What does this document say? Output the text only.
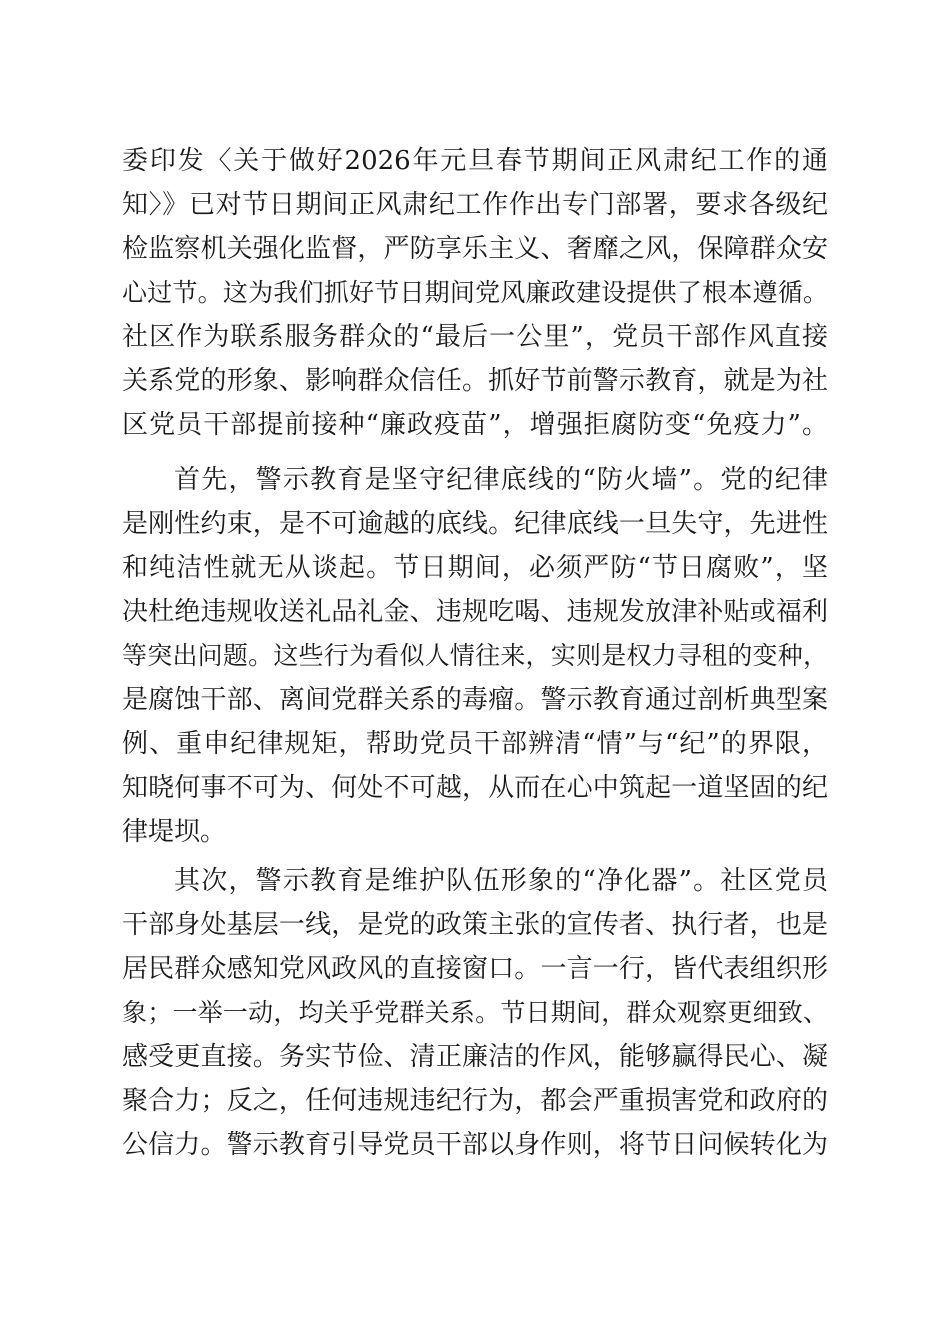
委印发〈关于做好2026年元旦春节期间正风肃纪工作的通
知〉》已对节日期间正风肃纪工作作出专门部署，要求各级纪
检监察机关强化监督，严防享乐主义、奢靡之风，保障群众安
心过节。这为我们抓好节日期间党风廉政建设提供了根本遵循。
社区作为联系服务群众的“最后一公里”，党员干部作风直接
关系党的形象、影响群众信任。抓好节前警示教育，就是为社
区党员干部提前接种“廉政疫苗”，增强拒腐防变“免疫力”。
首先，警示教育是坚守纪律底线的“防火墙”。党的纪律
是刚性约束，是不可逾越的底线。纪律底线一旦失守，先进性
和纯洁性就无从谈起。节日期间，必须严防“节日腐败”，坚
决杜绝违规收送礼品礼金、违规吃喝、违规发放津补贴或福利
等突出问题。这些行为看似人情往来，实则是权力寻租的变种，
是腐蚀干部、离间党群关系的毒瘤。警示教育通过剖析典型案
例、重申纪律规矩，帮助党员干部辨清“情”与“纪”的界限，
知晓何事不可为、何处不可越，从而在心中筑起一道坚固的纪
律堤坝。
其次，警示教育是维护队伍形象的“净化器”。社区党员
干部身处基层一线，是党的政策主张的宣传者、执行者，也是
居民群众感知党风政风的直接窗口。一言一行，皆代表组织形
象；一举一动，均关乎党群关系。节日期间，群众观察更细致、
感受更直接。务实节俭、清正廉洁的作风，能够赢得民心、凝
聚合力；反之，任何违规违纪行为，都会严重损害党和政府的
公信力。警示教育引导党员干部以身作则，将节日问候转化为
